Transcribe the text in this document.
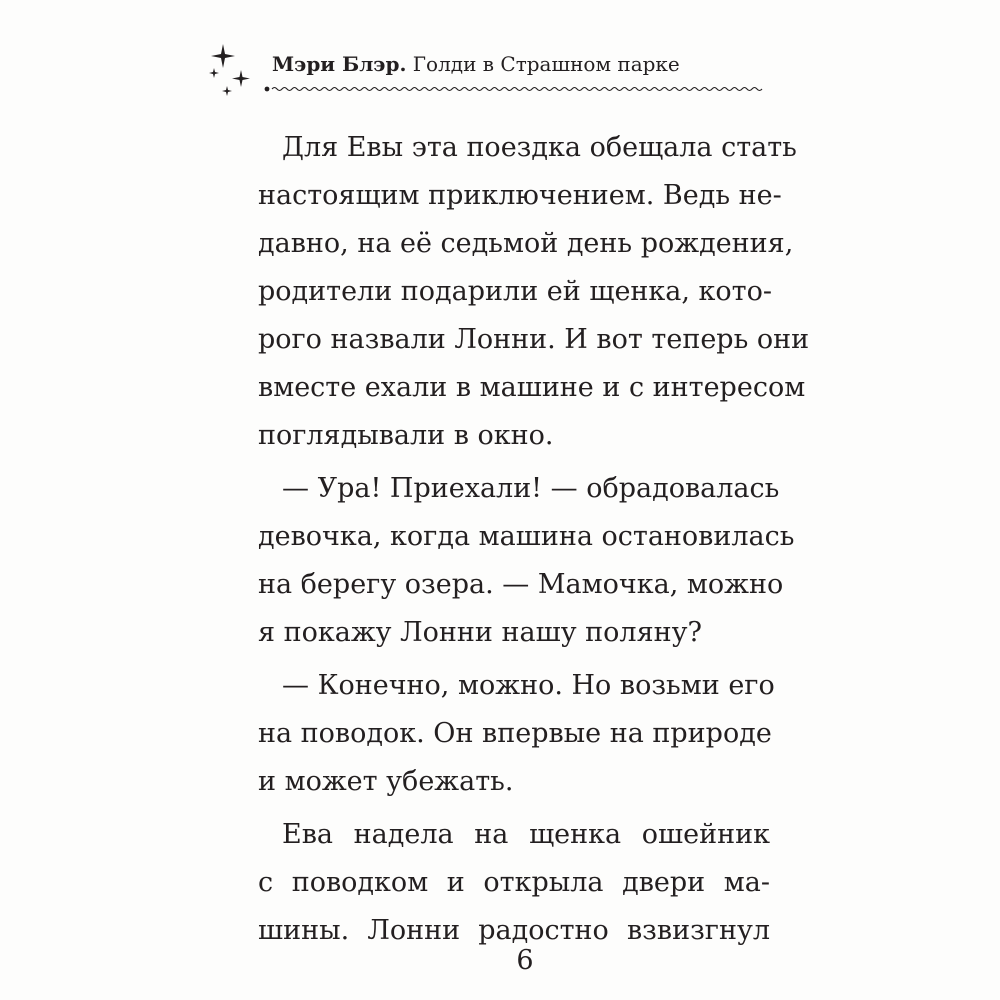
Мэри Блэр. Голди в Страшном парке
Для Евы эта поездка обещала стать
настоящим приключением. Ведь не-
давно, на её седьмой день рождения,
родители подарили ей щенка, кото-
рого назвали Лонни. И вот теперь они
вместе ехали в машине и с интересом
поглядывали в окно.
— Ура! Приехали! — обрадовалась
девочка, когда машина остановилась
на берегу озера. — Мамочка, можно
я покажу Лонни нашу поляну?
— Конечно, можно. Но возьми его
на поводок. Он впервые на природе
и может убежать.
Ева надела на щенка ошейник
с поводком и открыла двери ма-
шины. Лонни радостно взвизгнул
6
